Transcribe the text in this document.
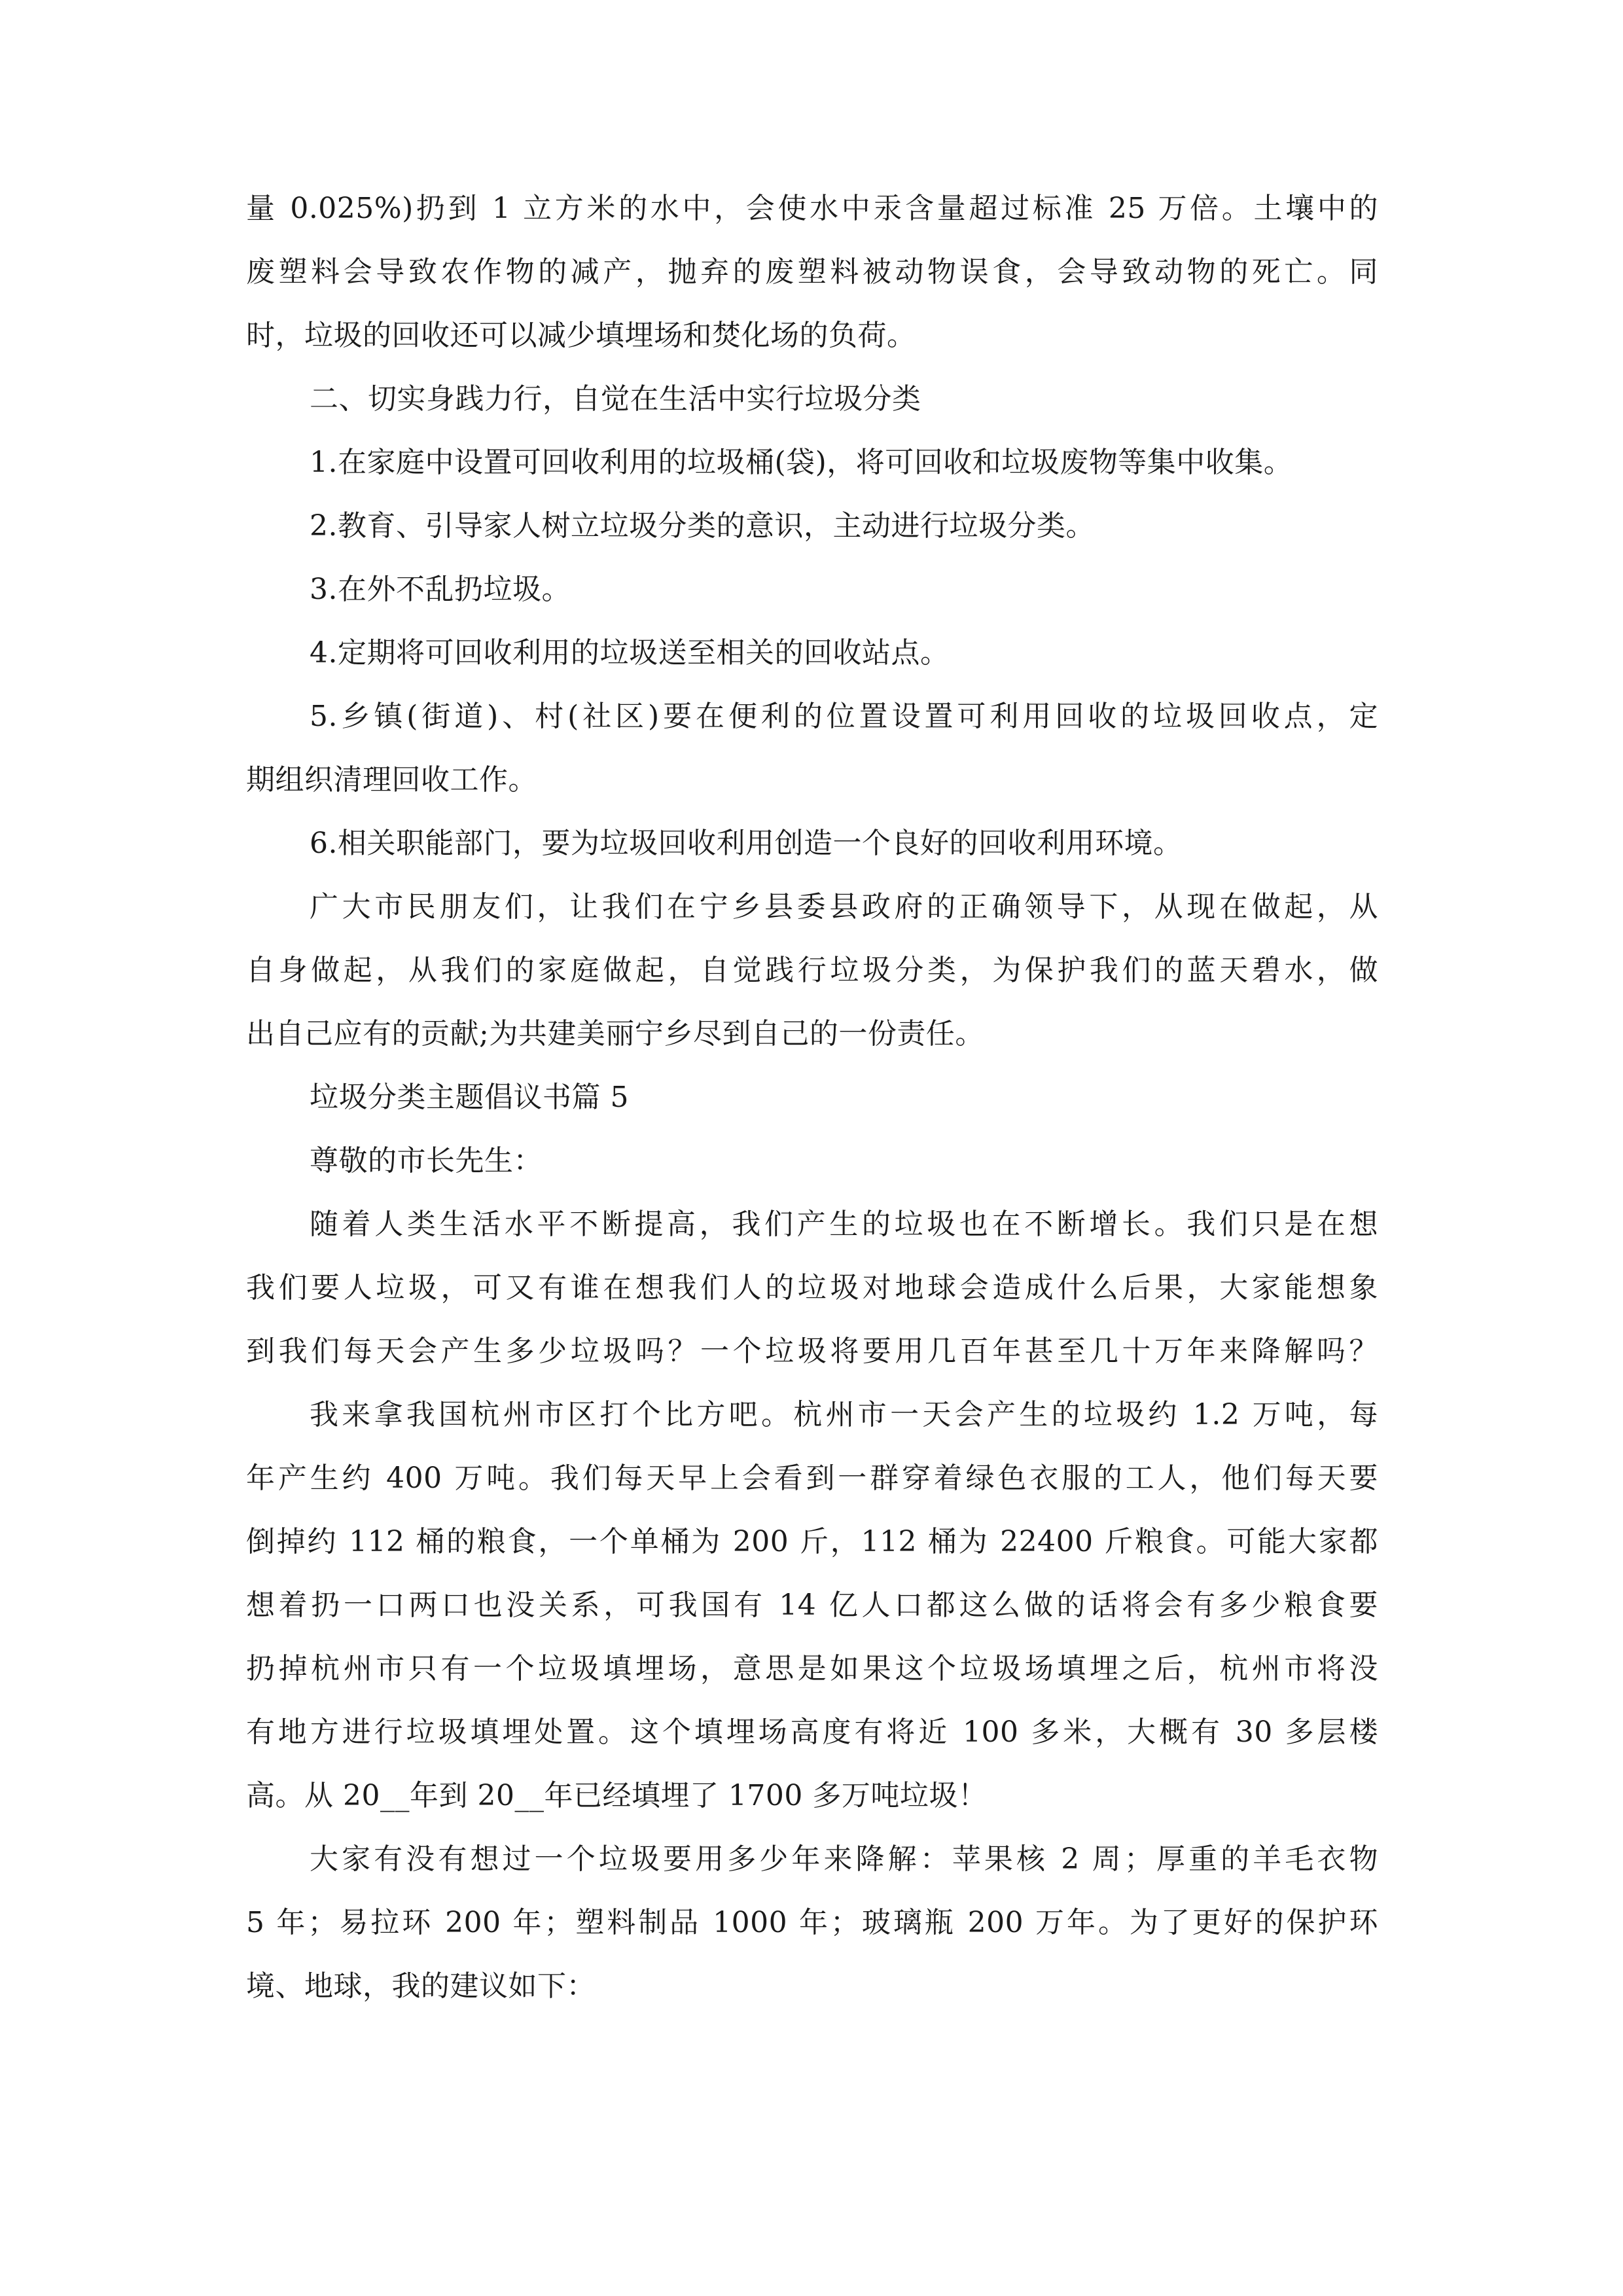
量 0.025%)扔到 1 立方米的水中，会使水中汞含量超过标准 25 万倍。土壤中的
废塑料会导致农作物的减产，抛弃的废塑料被动物误食，会导致动物的死亡。同
时，垃圾的回收还可以减少填埋场和焚化场的负荷。
二、切实身践力行，自觉在生活中实行垃圾分类
1.在家庭中设置可回收利用的垃圾桶(袋)，将可回收和垃圾废物等集中收集。
2.教育、引导家人树立垃圾分类的意识，主动进行垃圾分类。
3.在外不乱扔垃圾。
4.定期将可回收利用的垃圾送至相关的回收站点。
5.乡镇(街道)、村(社区)要在便利的位置设置可利用回收的垃圾回收点，定
期组织清理回收工作。
6.相关职能部门，要为垃圾回收利用创造一个良好的回收利用环境。
广大市民朋友们，让我们在宁乡县委县政府的正确领导下，从现在做起，从
自身做起，从我们的家庭做起，自觉践行垃圾分类，为保护我们的蓝天碧水，做
出自己应有的贡献;为共建美丽宁乡尽到自己的一份责任。
垃圾分类主题倡议书篇 5
尊敬的市长先生：
随着人类生活水平不断提高，我们产生的垃圾也在不断增长。我们只是在想
我们要人垃圾，可又有谁在想我们人的垃圾对地球会造成什么后果，大家能想象
到我们每天会产生多少垃圾吗？一个垃圾将要用几百年甚至几十万年来降解吗？
我来拿我国杭州市区打个比方吧。杭州市一天会产生的垃圾约 1.2 万吨，每
年产生约 400 万吨。我们每天早上会看到一群穿着绿色衣服的工人，他们每天要
倒掉约 112 桶的粮食，一个单桶为 200 斤，112 桶为 22400 斤粮食。可能大家都
想着扔一口两口也没关系，可我国有 14 亿人口都这么做的话将会有多少粮食要
扔掉杭州市只有一个垃圾填埋场，意思是如果这个垃圾场填埋之后，杭州市将没
有地方进行垃圾填埋处置。这个填埋场高度有将近 100 多米，大概有 30 多层楼
高。从 20__年到 20__年已经填埋了 1700 多万吨垃圾！
大家有没有想过一个垃圾要用多少年来降解：苹果核 2 周；厚重的羊毛衣物
5 年；易拉环 200 年；塑料制品 1000 年；玻璃瓶 200 万年。为了更好的保护环
境、地球，我的建议如下：
